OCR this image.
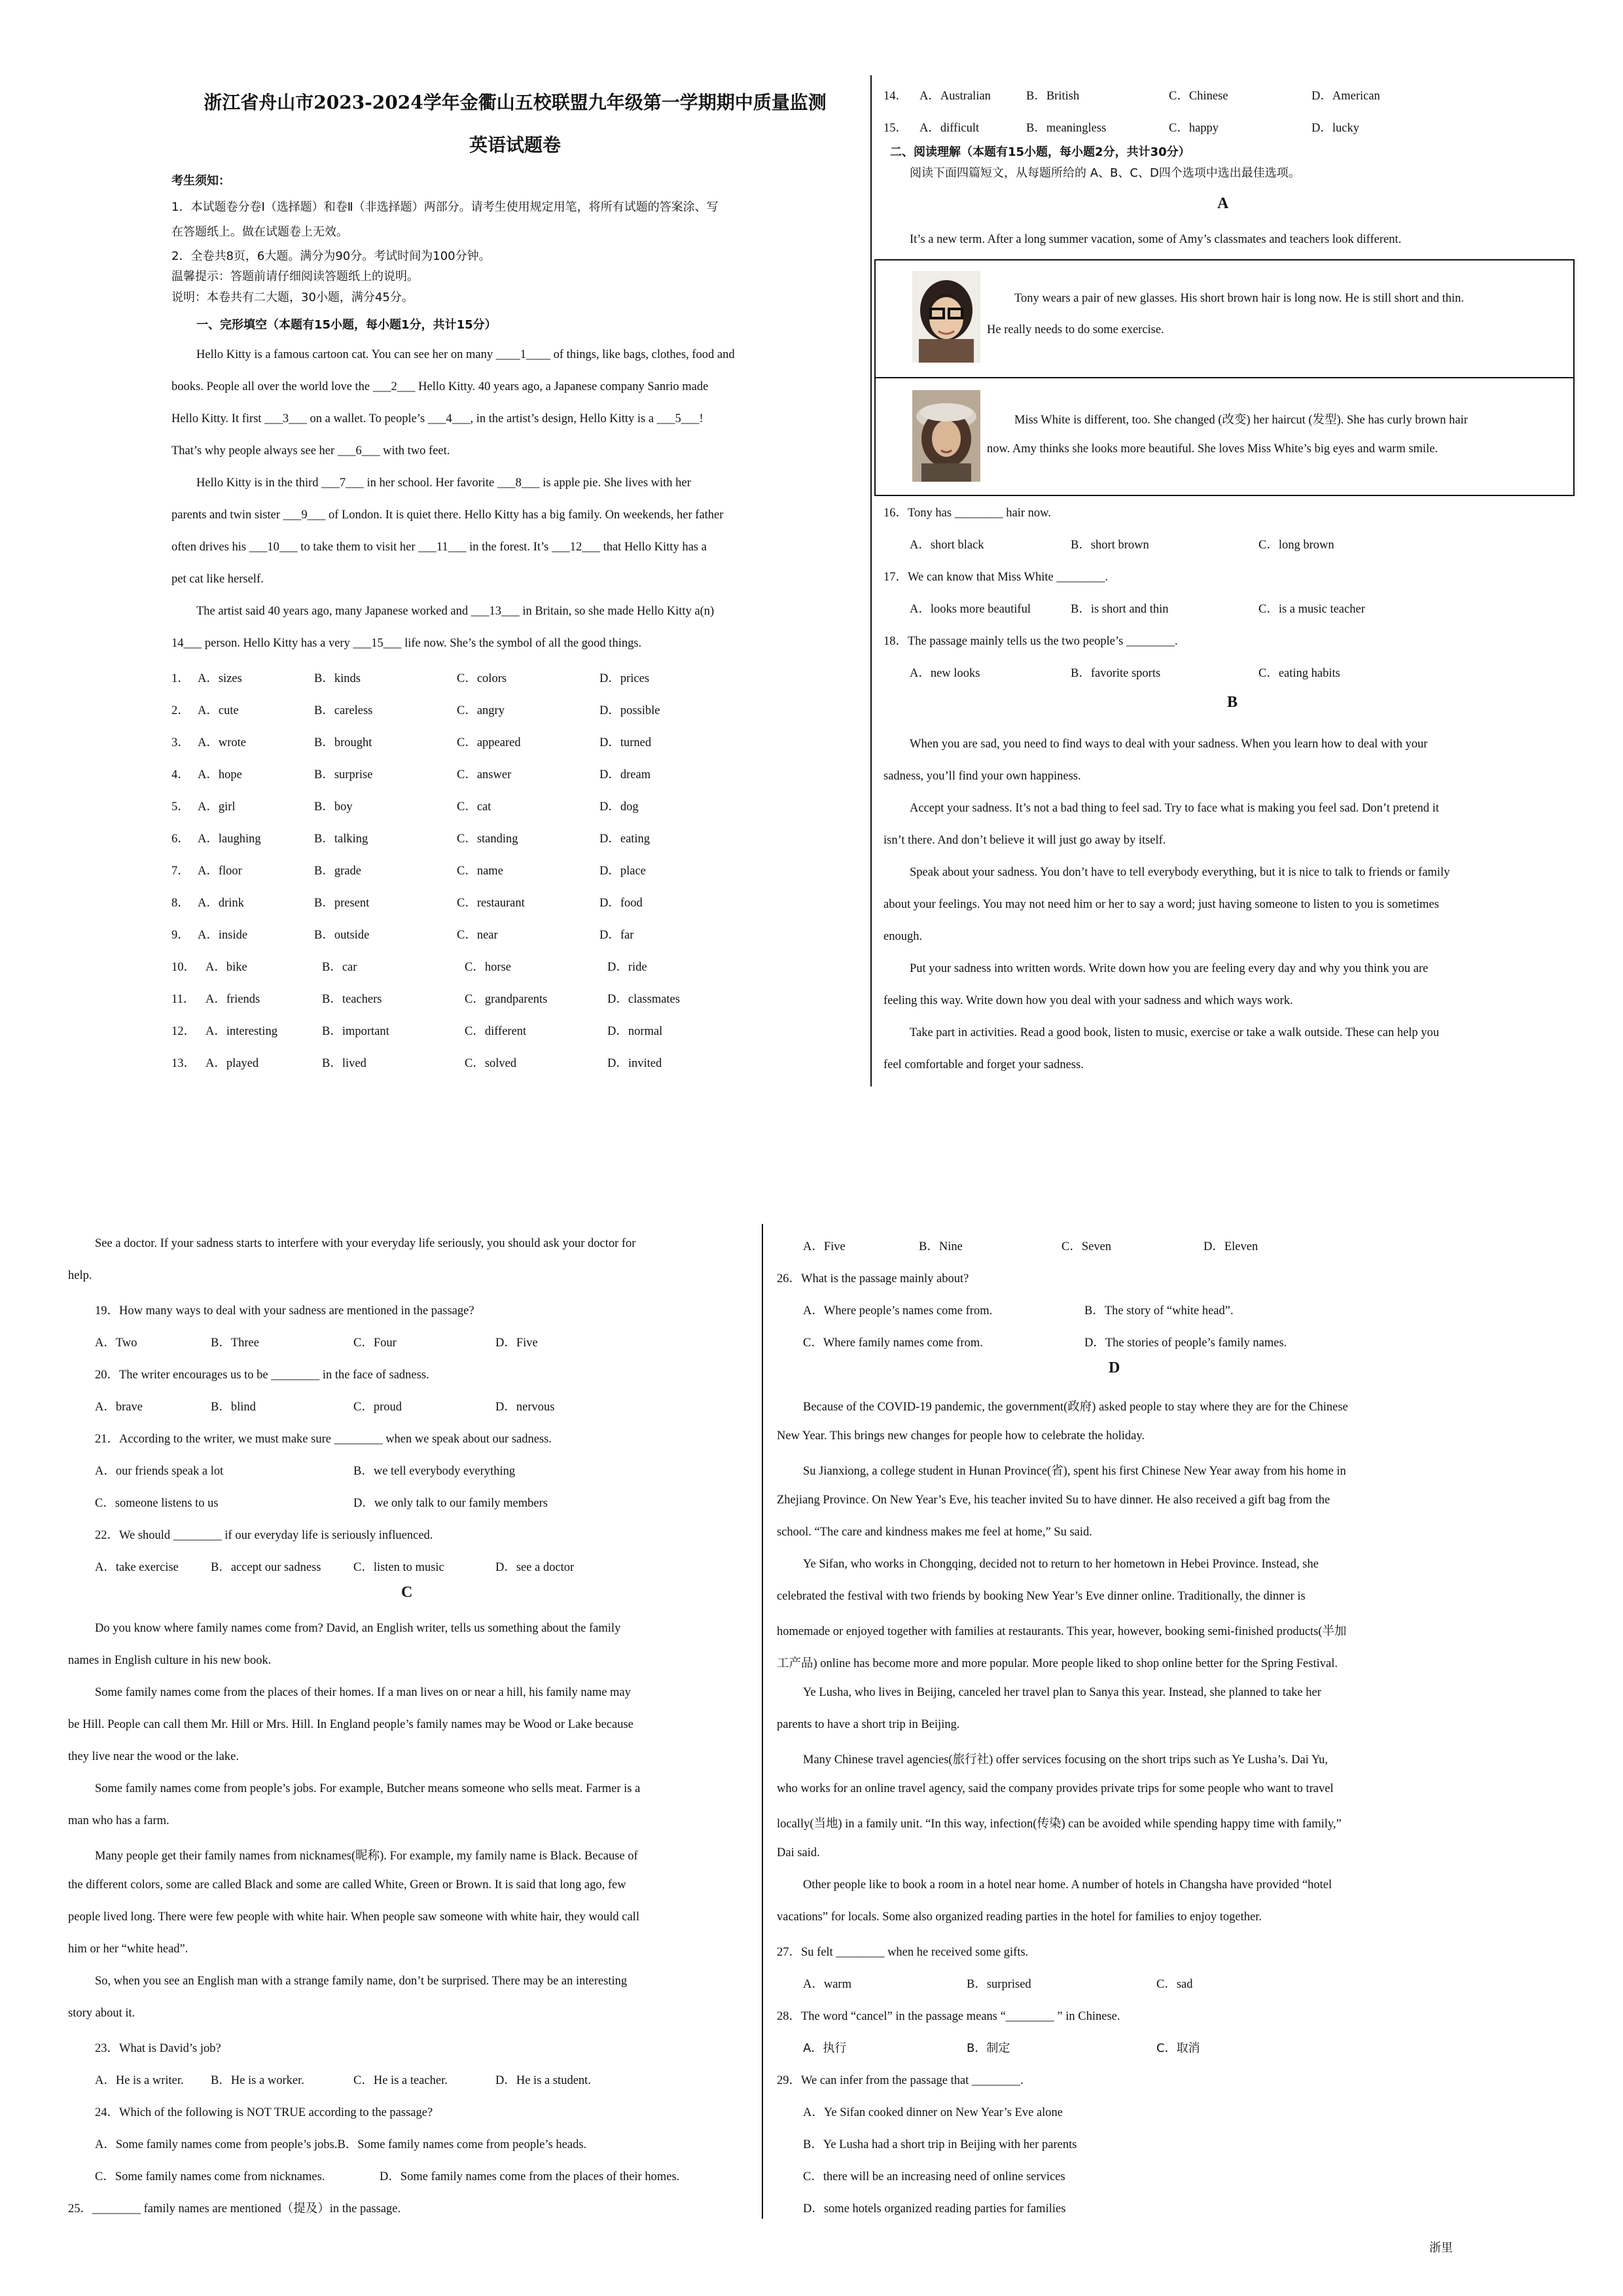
浙江省舟山市2023-2024学年金衢山五校联盟九年级第一学期期中质量监测
英语试题卷
考生须知：
1．本试题卷分卷Ⅰ（选择题）和卷Ⅱ（非选择题）两部分。请考生使用规定用笔，将所有试题的答案涂、写
在答题纸上。做在试题卷上无效。
2．全卷共8页，6大题。满分为90分。考试时间为100分钟。
温馨提示：答题前请仔细阅读答题纸上的说明。
说明：本卷共有二大题，30小题，满分45分。
一、完形填空（本题有15小题，每小题1分，共计15分）
Hello Kitty is a famous cartoon cat. You can see her on many ____1____ of things, like bags, clothes, food and
books. People all over the world love the ___2___ Hello Kitty. 40 years ago, a Japanese company Sanrio made
Hello Kitty. It first ___3___ on a wallet. To people’s ___4___, in the artist’s design, Hello Kitty is a ___5___!
That’s why people always see her ___6___ with two feet.
Hello Kitty is in the third ___7___ in her school. Her favorite ___8___ is apple pie. She lives with her
parents and twin sister ___9___ of London. It is quiet there. Hello Kitty has a big family. On weekends, her father
often drives his ___10___ to take them to visit her ___11___ in the forest. It’s ___12___ that Hello Kitty has a
pet cat like herself.
The artist said 40 years ago, many Japanese worked and ___13___ in Britain, so she made Hello Kitty a(n)
14___ person. Hello Kitty has a very ___15___ life now. She’s the symbol of all the good things.
1． A．sizes	B．kinds	C．colors	D．prices
2． A．cute	B．careless	C．angry	D．possible
3． A．wrote	B．brought	C．appeared	D．turned
4． A．hope	B．surprise	C．answer	D．dream
5． A．girl	B．boy	C．cat	D．dog
6． A．laughing	B．talking	C．standing	D．eating
7． A．floor	B．grade	C．name	D．place
8． A．drink	B．present	C．restaurant	D．food
9． A．inside	B．outside	C．near	D．far
10． A．bike	B．car	C．horse	D．ride
11． A．friends	B．teachers	C．grandparents	D．classmates
12． A．interesting	B．important	C．different	D．normal
13． A．played	B．lived	C．solved	D．invited
14． A．Australian	B．British	C．Chinese	D．American
15． A．difficult	B．meaningless	C．happy	D．lucky
二、阅读理解（本题有15小题，每小题2分，共计30分）
阅读下面四篇短文，从每题所给的 A、B、C、D四个选项中选出最佳选项。
A
It’s a new term. After a long summer vacation, some of Amy’s classmates and teachers look different.
Tony wears a pair of new glasses. His short brown hair is long now. He is still short and thin.
He really needs to do some exercise.
Miss White is different, too. She changed (改变) her haircut (发型). She has curly brown hair
now. Amy thinks she looks more beautiful. She loves Miss White’s big eyes and warm smile.
16．Tony has ________ hair now.
A．short black	B．short brown	C．long brown
17．We can know that Miss White ________.
A．looks more beautiful	B．is short and thin	C．is a music teacher
18．The passage mainly tells us the two people’s ________.
A．new looks	B．favorite sports	C．eating habits
B
When you are sad, you need to find ways to deal with your sadness. When you learn how to deal with your
sadness, you’ll find your own happiness.
Accept your sadness. It’s not a bad thing to feel sad. Try to face what is making you feel sad. Don’t pretend it
isn’t there. And don’t believe it will just go away by itself.
Speak about your sadness. You don’t have to tell everybody everything, but it is nice to talk to friends or family
about your feelings. You may not need him or her to say a word; just having someone to listen to you is sometimes
enough.
Put your sadness into written words. Write down how you are feeling every day and why you think you are
feeling this way. Write down how you deal with your sadness and which ways work.
Take part in activities. Read a good book, listen to music, exercise or take a walk outside. These can help you
feel comfortable and forget your sadness.
See a doctor. If your sadness starts to interfere with your everyday life seriously, you should ask your doctor for
help.
19．How many ways to deal with your sadness are mentioned in the passage?
A．Two	B．Three	C．Four	D．Five
20．The writer encourages us to be ________ in the face of sadness.
A．brave	B．blind	C．proud	D．nervous
21．According to the writer, we must make sure ________ when we speak about our sadness.
A．our friends speak a lot	B．we tell everybody everything
C．someone listens to us	D．we only talk to our family members
22．We should ________ if our everyday life is seriously influenced.
A．take exercise	B．accept our sadness	C．listen to music	D．see a doctor
C
Do you know where family names come from? David, an English writer, tells us something about the family
names in English culture in his new book.
Some family names come from the places of their homes. If a man lives on or near a hill, his family name may
be Hill. People can call them Mr. Hill or Mrs. Hill. In England people’s family names may be Wood or Lake because
they live near the wood or the lake.
Some family names come from people’s jobs. For example, Butcher means someone who sells meat. Farmer is a
man who has a farm.
Many people get their family names from nicknames(昵称). For example, my family name is Black. Because of
the different colors, some are called Black and some are called White, Green or Brown. It is said that long ago, few
people lived long. There were few people with white hair. When people saw someone with white hair, they would call
him or her “white head”.
So, when you see an English man with a strange family name, don’t be surprised. There may be an interesting
story about it.
23．What is David’s job?
A．He is a writer. B．He is a worker.	C．He is a teacher.	D．He is a student.
24．Which of the following is NOT TRUE according to the passage?
A．Some family names come from people’s jobs.B．Some family names come from people’s heads.
C．Some family names come from nicknames.	D．Some family names come from the places of their homes.
25．________ family names are mentioned（提及）in the passage.
A．Five	B．Nine	C．Seven	D．Eleven
26．What is the passage mainly about?
A．Where people’s names come from.	B．The story of “white head”.
C．Where family names come from.	D．The stories of people’s family names.
D
Because of the COVID-19 pandemic, the government(政府) asked people to stay where they are for the Chinese
New Year. This brings new changes for people how to celebrate the holiday.
Su Jianxiong, a college student in Hunan Province(省), spent his first Chinese New Year away from his home in
Zhejiang Province. On New Year’s Eve, his teacher invited Su to have dinner. He also received a gift bag from the
school. “The care and kindness makes me feel at home,” Su said.
Ye Sifan, who works in Chongqing, decided not to return to her hometown in Hebei Province. Instead, she
celebrated the festival with two friends by booking New Year’s Eve dinner online. Traditionally, the dinner is
homemade or enjoyed together with families at restaurants. This year, however, booking semi-finished products(半加
工产品) online has become more and more popular. More people liked to shop online better for the Spring Festival.
Ye Lusha, who lives in Beijing, canceled her travel plan to Sanya this year. Instead, she planned to take her
parents to have a short trip in Beijing.
Many Chinese travel agencies(旅行社) offer services focusing on the short trips such as Ye Lusha’s. Dai Yu,
who works for an online travel agency, said the company provides private trips for some people who want to travel
locally(当地) in a family unit. “In this way, infection(传染) can be avoided while spending happy time with family,”
Dai said.
Other people like to book a room in a hotel near home. A number of hotels in Changsha have provided “hotel
vacations” for locals. Some also organized reading parties in the hotel for families to enjoy together.
27．Su felt ________ when he received some gifts.
A．warm	B．surprised	C．sad
28．The word “cancel” in the passage means “________ ” in Chinese.
A．执行	B．制定	C．取消
29．We can infer from the passage that ________.
A．Ye Sifan cooked dinner on New Year’s Eve alone
B．Ye Lusha had a short trip in Beijing with her parents
C．there will be an increasing need of online services
D．some hotels organized reading parties for families
浙里
